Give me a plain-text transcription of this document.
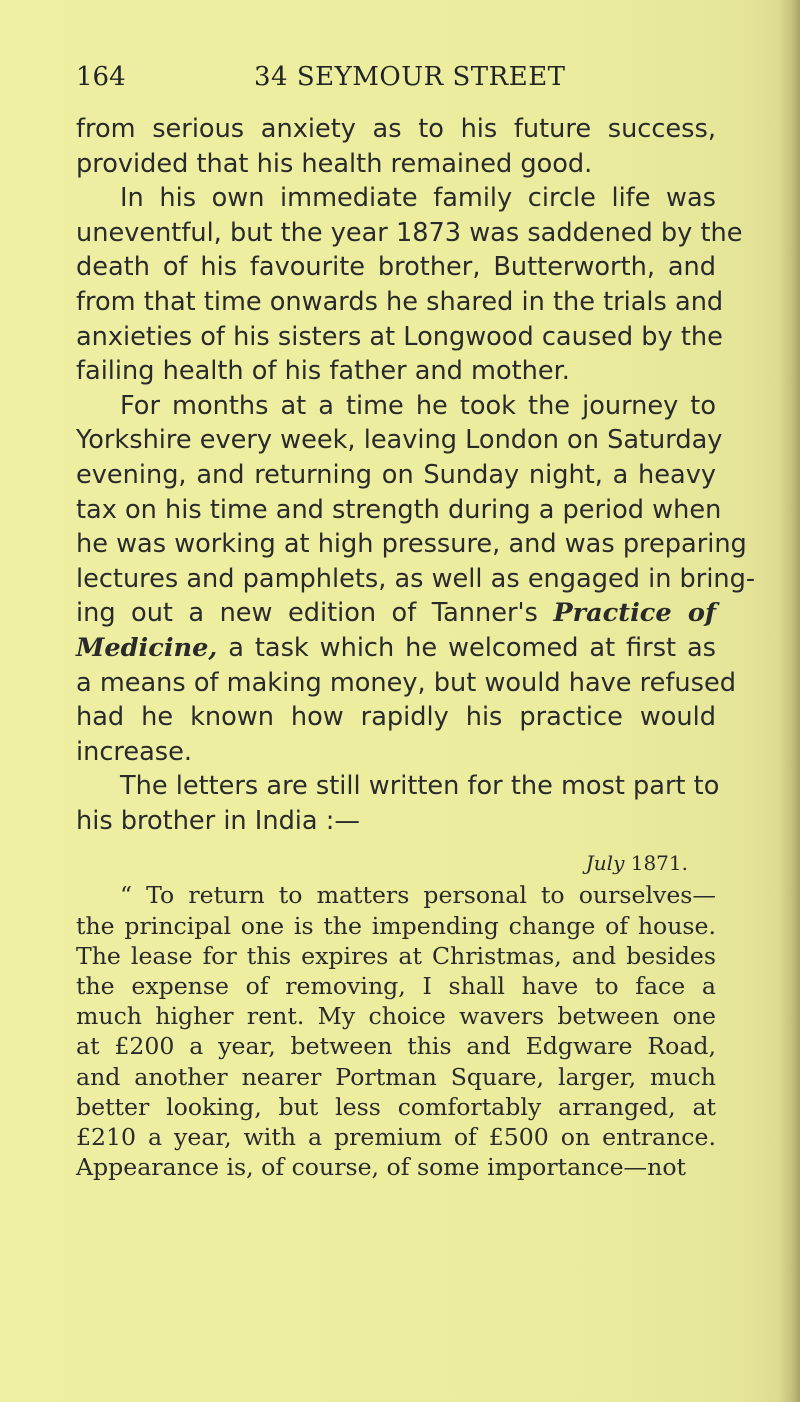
164	34 SEYMOUR STREET
from serious anxiety as to his future success,
provided that his health remained good.
In his own immediate family circle life was
uneventful, but the year 1873 was saddened by the
death of his favourite brother, Butterworth, and
from that time onwards he shared in the trials and
anxieties of his sisters at Longwood caused by the
failing health of his father and mother.
For months at a time he took the journey to
Yorkshire every week, leaving London on Saturday
evening, and returning on Sunday night, a heavy
tax on his time and strength during a period when
he was working at high pressure, and was preparing
lectures and pamphlets, as well as engaged in bring-
ing out a new edition of Tanner's Practice of
Medicine, a task which he welcomed at first as
a means of making money, but would have refused
had he known how rapidly his practice would
increase.
The letters are still written for the most part to
his brother in India :—
July 1871.
“ To return to matters personal to ourselves—
the principal one is the impending change of house.
The lease for this expires at Christmas, and besides
the expense of removing, I shall have to face a
much higher rent. My choice wavers between one
at £200 a year, between this and Edgware Road,
and another nearer Portman Square, larger, much
better looking, but less comfortably arranged, at
£210 a year, with a premium of £500 on entrance.
Appearance is, of course, of some importance—not
